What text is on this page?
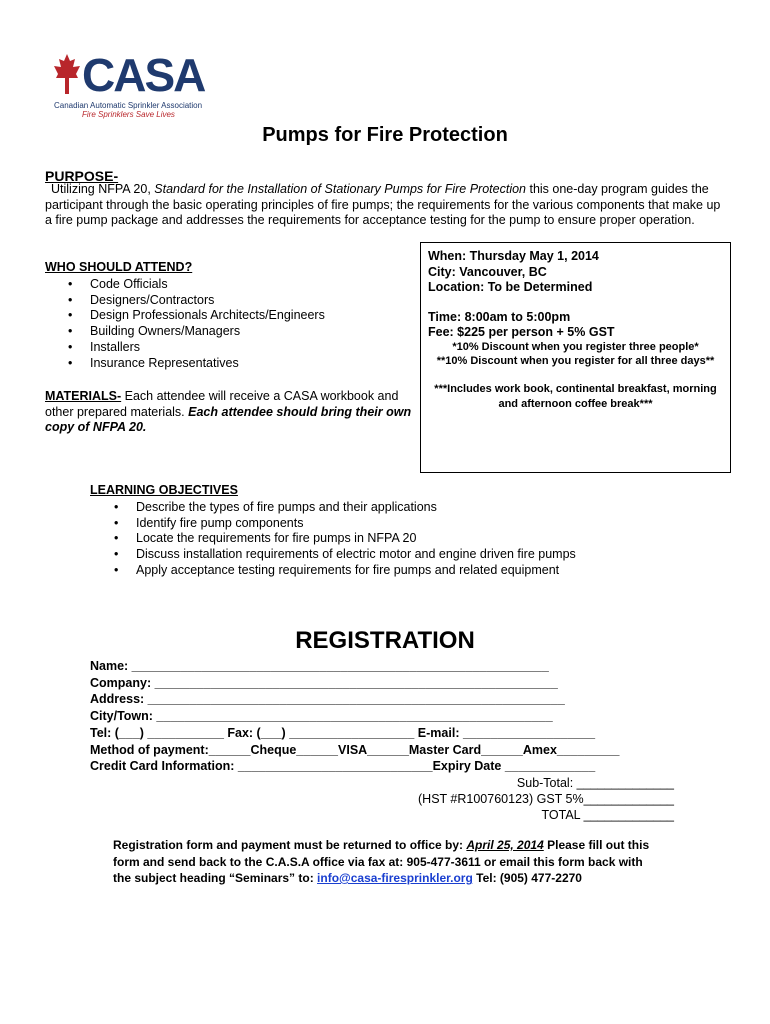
CASA
Canadian Automatic Sprinkler Association
Fire Sprinklers Save Lives
Pumps for Fire Protection
PURPOSE-
Utilizing NFPA 20, Standard for the Installation of Stationary Pumps for Fire Protection this one-day program guides the
participant through the basic operating principles of fire pumps; the requirements for the various components that make up
a fire pump package and addresses the requirements for acceptance testing for the pump to ensure proper operation.
WHO SHOULD ATTEND?
• Code Officials
• Designers/Contractors
• Design Professionals Architects/Engineers
• Building Owners/Managers
• Installers
• Insurance Representatives
MATERIALS- Each attendee will receive a CASA workbook and other prepared materials. Each attendee should bring their own copy of NFPA 20.
When: Thursday May 1, 2014
City: Vancouver, BC
Location: To be Determined
Time: 8:00am to 5:00pm
Fee: $225 per person + 5% GST
*10% Discount when you register three people*
**10% Discount when you register for all three days**
***Includes work book, continental breakfast, morning
and afternoon coffee break***
LEARNING OBJECTIVES
• Describe the types of fire pumps and their applications
• Identify fire pump components
• Locate the requirements for fire pumps in NFPA 20
• Discuss installation requirements of electric motor and engine driven fire pumps
• Apply acceptance testing requirements for fire pumps and related equipment
REGISTRATION
Name: ____________________________________________________________
Company: __________________________________________________________
Address: ____________________________________________________________
City/Town: _________________________________________________________
Tel: (___) ___________ Fax: (___) __________________ E-mail: ___________________
Method of payment:______Cheque______VISA______Master Card______Amex_________
Credit Card Information: ____________________________Expiry Date _____________
Sub-Total: ______________
(HST #R100760123) GST 5%_____________
TOTAL _____________
Registration form and payment must be returned to office by: April 25, 2014 Please fill out this
form and send back to the C.A.S.A office via fax at: 905-477-3611 or email this form back with
the subject heading “Seminars” to: info@casa-firesprinkler.org Tel: (905) 477-2270
